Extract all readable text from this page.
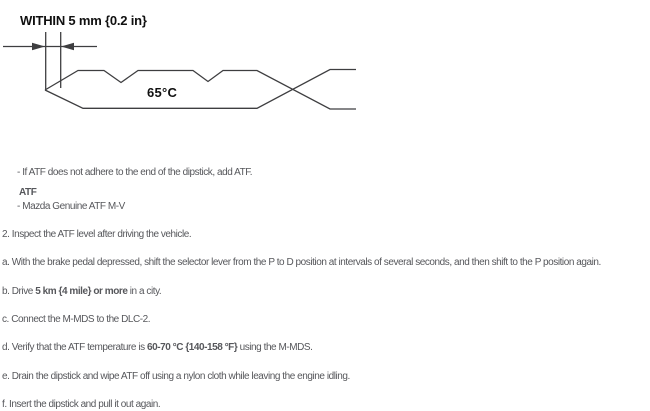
WITHIN 5 mm {0.2 in}
65°C
- If ATF does not adhere to the end of the dipstick, add ATF.
ATF
- Mazda Genuine ATF M-V
2. Inspect the ATF level after driving the vehicle.
a. With the brake pedal depressed, shift the selector lever from the P to D position at intervals of several seconds, and then shift to the P position again.
b. Drive 5 km {4 mile} or more in a city.
c. Connect the M-MDS to the DLC-2.
d. Verify that the ATF temperature is 60-70 °C {140-158 °F} using the M-MDS.
e. Drain the dipstick and wipe ATF off using a nylon cloth while leaving the engine idling.
f. Insert the dipstick and pull it out again.
